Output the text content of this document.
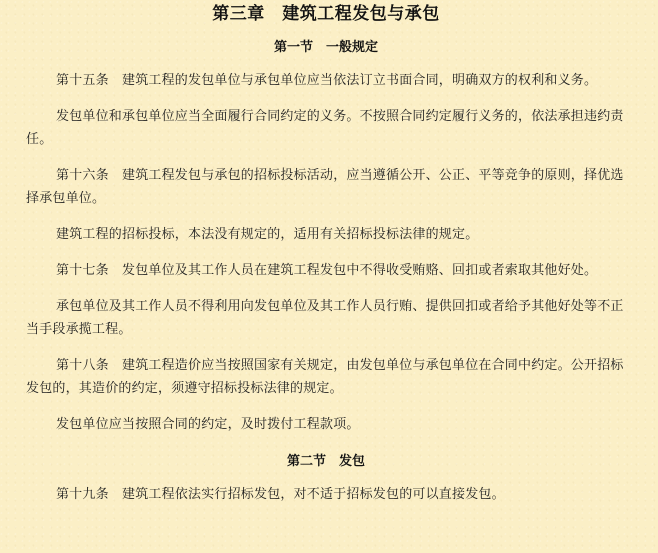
第三章　建筑工程发包与承包
第一节　一般规定

第十五条　建筑工程的发包单位与承包单位应当依法订立书面合同，明确双方的权利和义务。

发包单位和承包单位应当全面履行合同约定的义务。不按照合同约定履行义务的，依法承担违约责任。

第十六条　建筑工程发包与承包的招标投标活动，应当遵循公开、公正、平等竞争的原则，择优选择承包单位。

建筑工程的招标投标，本法没有规定的，适用有关招标投标法律的规定。

第十七条　发包单位及其工作人员在建筑工程发包中不得收受贿赂、回扣或者索取其他好处。

承包单位及其工作人员不得利用向发包单位及其工作人员行贿、提供回扣或者给予其他好处等不正当手段承揽工程。

第十八条　建筑工程造价应当按照国家有关规定，由发包单位与承包单位在合同中约定。公开招标发包的，其造价的约定，须遵守招标投标法律的规定。

发包单位应当按照合同的约定，及时拨付工程款项。

第二节　发包

第十九条　建筑工程依法实行招标发包，对不适于招标发包的可以直接发包。
